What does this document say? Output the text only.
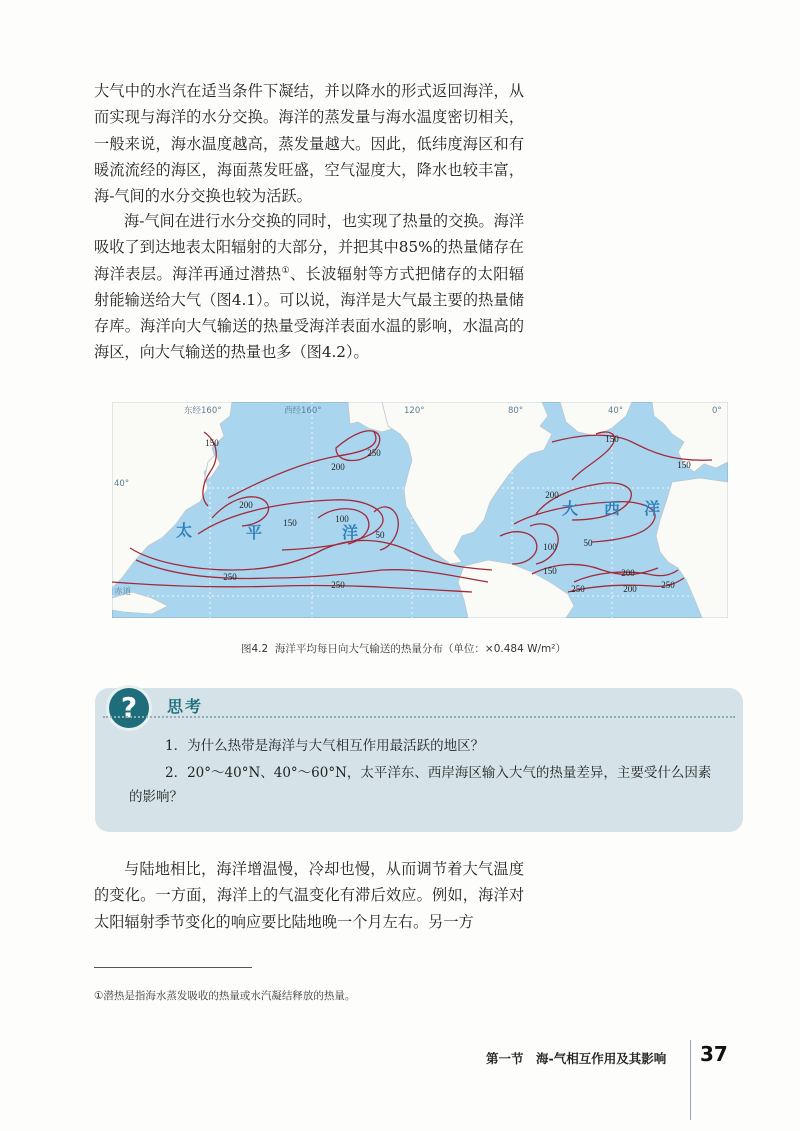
大气中的水汽在适当条件下凝结，并以降水的形式返回海洋，从而实现与海洋的水分交换。海洋的蒸发量与海水温度密切相关，一般来说，海水温度越高，蒸发量越大。因此，低纬度海区和有暖流流经的海区，海面蒸发旺盛，空气湿度大，降水也较丰富，海-气间的水分交换也较为活跃。

海-气间在进行水分交换的同时，也实现了热量的交换。海洋吸收了到达地表太阳辐射的大部分，并把其中85%的热量储存在海洋表层。海洋再通过潜热①、长波辐射等方式把储存的太阳辐射能输送给大气（图4.1）。可以说，海洋是大气最主要的热量储存库。海洋向大气输送的热量受海洋表面水温的影响，水温高的海区，向大气输送的热量也多（图4.2）。

150
200
250
200
150	100
50
250
250
150
150
200
100	50
150	200
250
250	200
太	平	洋
大 西 洋
东经160°	西经160°	120°	80°	40°	0°
40°
赤道
图4.2 海洋平均每日向大气输送的热量分布（单位：×0.484 W/m²）
?	思考

1．为什么热带是海洋与大气相互作用最活跃的地区？

2．20°～40°N、40°～60°N，太平洋东、西岸海区输入大气的热量差异，主要受什么因素的影响？

与陆地相比，海洋增温慢，冷却也慢，从而调节着大气温度的变化。一方面，海洋上的气温变化有滞后效应。例如，海洋对太阳辐射季节变化的响应要比陆地晚一个月左右。另一方

①潜热是指海水蒸发吸收的热量或水汽凝结释放的热量。
第一节　海-气相互作用及其影响 37
